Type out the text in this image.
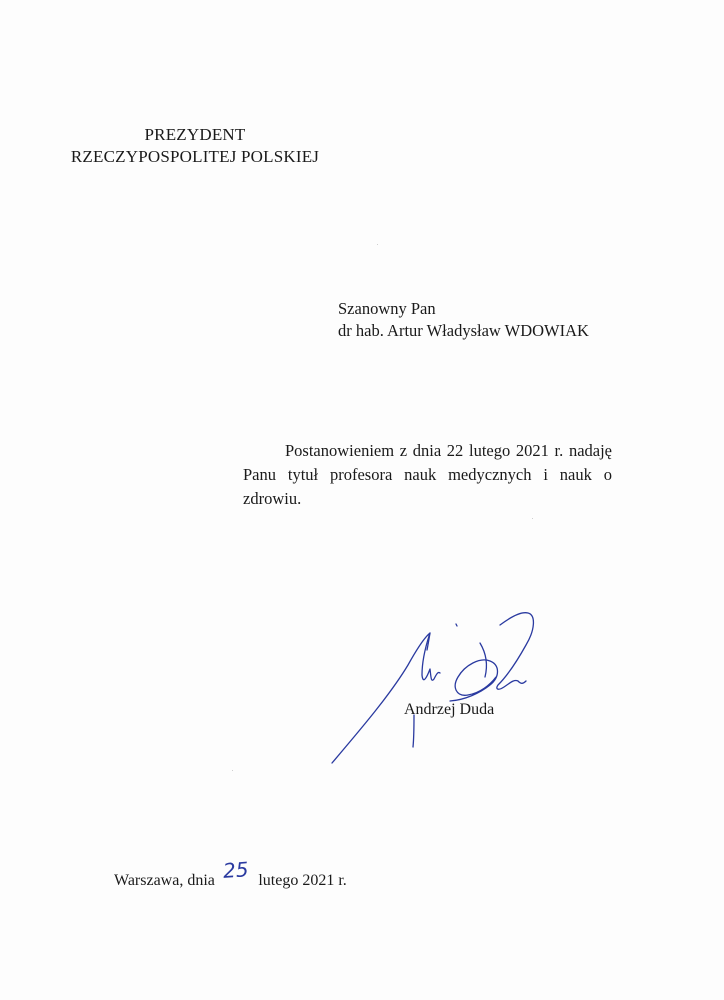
PREZYDENT
RZECZYPOSPOLITEJ POLSKIEJ
Szanowny Pan
dr hab. Artur Władysław WDOWIAK
Postanowieniem z dnia 22 lutego 2021 r. nadaję Panu tytuł profesora nauk medycznych i nauk o zdrowiu.
Andrzej Duda
Warszawa, dnia 25 lutego 2021 r.
